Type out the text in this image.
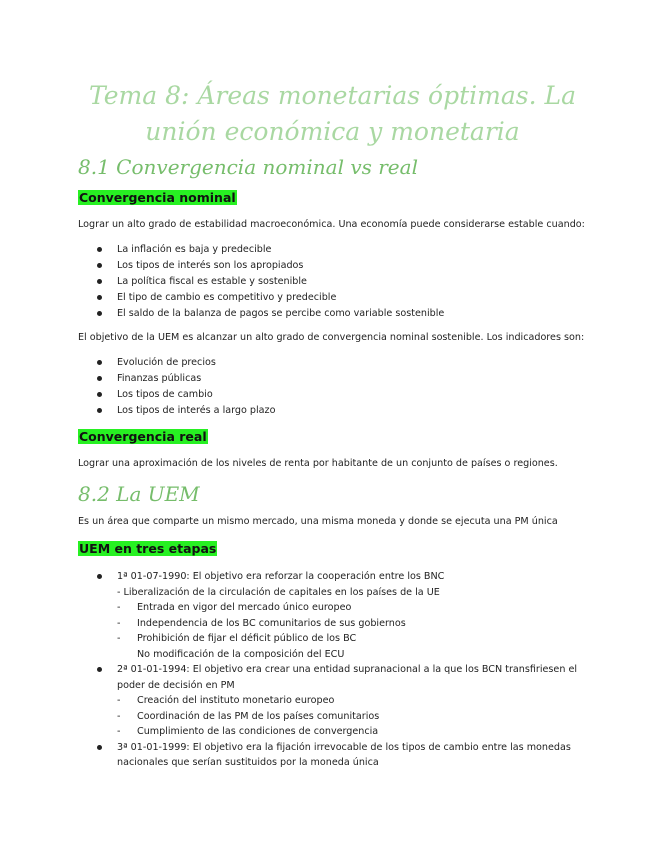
Tema 8: Áreas monetarias óptimas. La
unión económica y monetaria
8.1 Convergencia nominal vs real
Convergencia nominal

Lograr un alto grado de estabilidad macroeconómica. Una economía puede considerarse estable cuando:

La inflación es baja y predecible
Los tipos de interés son los apropiados
La política fiscal es estable y sostenible
El tipo de cambio es competitivo y predecible
El saldo de la balanza de pagos se percibe como variable sostenible

El objetivo de la UEM es alcanzar un alto grado de convergencia nominal sostenible. Los indicadores son:

Evolución de precios
Finanzas públicas
Los tipos de cambio
Los tipos de interés a largo plazo
Convergencia real

Lograr una aproximación de los niveles de renta por habitante de un conjunto de países o regiones.

8.2 La UEM

Es un área que comparte un mismo mercado, una misma moneda y donde se ejecuta una PM única

UEM en tres etapas
1ª 01-07-1990: El objetivo era reforzar la cooperación entre los BNC
- Liberalización de la circulación de capitales en los países de la UE
- Entrada en vigor del mercado único europeo
- Independencia de los BC comunitarios de sus gobiernos
- Prohibición de fijar el déficit público de los BC
No modificación de la composición del ECU
2ª 01-01-1994: El objetivo era crear una entidad supranacional a la que los BCN transfiriesen el
poder de decisión en PM
- Creación del instituto monetario europeo
- Coordinación de las PM de los países comunitarios
- Cumplimiento de las condiciones de convergencia
3ª 01-01-1999: El objetivo era la fijación irrevocable de los tipos de cambio entre las monedas
nacionales que serían sustituidos por la moneda única
